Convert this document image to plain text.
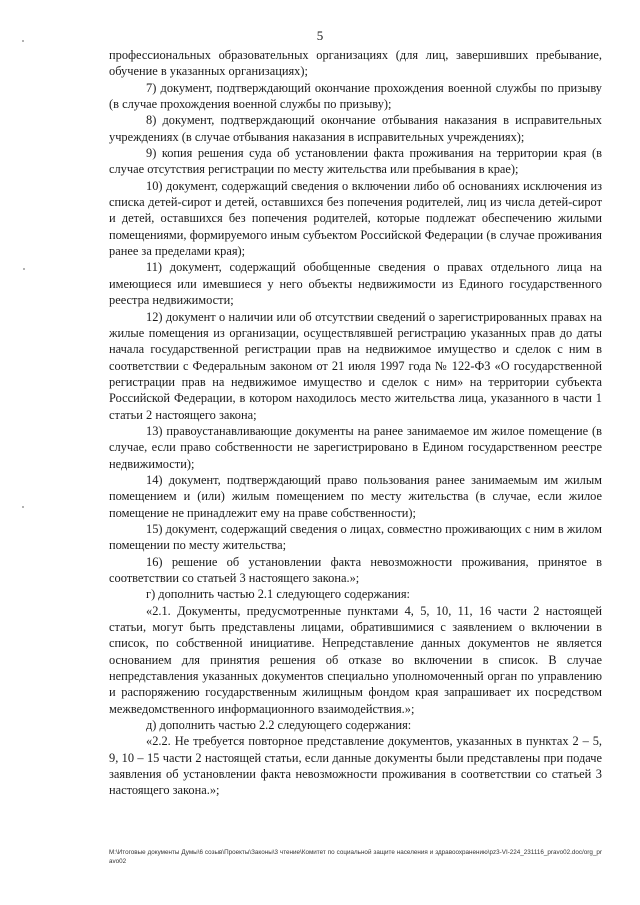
5

профессиональных образовательных организациях (для лиц, завершивших пребывание, обучение в указанных организациях);

7) документ, подтверждающий окончание прохождения военной службы по призыву (в случае прохождения военной службы по призыву);

8) документ, подтверждающий окончание отбывания наказания в исправительных учреждениях (в случае отбывания наказания в исправительных учреждениях);

9) копия решения суда об установлении факта проживания на территории края (в случае отсутствия регистрации по месту жительства или пребывания в крае);

10) документ, содержащий сведения о включении либо об основаниях исключения из списка детей-сирот и детей, оставшихся без попечения родителей, лиц из числа детей-сирот и детей, оставшихся без попечения родителей, которые подлежат обеспечению жилыми помещениями, формируемого иным субъектом Российской Федерации (в случае проживания ранее за пределами края);

11) документ, содержащий обобщенные сведения о правах отдельного лица на имеющиеся или имевшиеся у него объекты недвижимости из Единого государственного реестра недвижимости;

12) документ о наличии или об отсутствии сведений о зарегистрированных правах на жилые помещения из организации, осуществлявшей регистрацию указанных прав до даты начала государственной регистрации прав на недвижимое имущество и сделок с ним в соответствии с Федеральным законом от 21 июля 1997 года № 122-ФЗ «О государственной регистрации прав на недвижимое имущество и сделок с ним» на территории субъекта Российской Федерации, в котором находилось место жительства лица, указанного в части 1 статьи 2 настоящего закона;

13) правоустанавливающие документы на ранее занимаемое им жилое помещение (в случае, если право собственности не зарегистрировано в Едином государственном реестре недвижимости);

14) документ, подтверждающий право пользования ранее занимаемым им жилым помещением и (или) жилым помещением по месту жительства (в случае, если жилое помещение не принадлежит ему на праве собственности);

15) документ, содержащий сведения о лицах, совместно проживающих с ним в жилом помещении по месту жительства;

16) решение об установлении факта невозможности проживания, принятое в соответствии со статьей 3 настоящего закона.»;

г) дополнить частью 2.1 следующего содержания:

«2.1. Документы, предусмотренные пунктами 4, 5, 10, 11, 16 части 2 настоящей статьи, могут быть представлены лицами, обратившимися с заявлением о включении в список, по собственной инициативе. Непредставление данных документов не является основанием для принятия решения об отказе во включении в список. В случае непредставления указанных документов специально уполномоченный орган по управлению и распоряжению государственным жилищным фондом края запрашивает их посредством межведомственного информационного взаимодействия.»;

д) дополнить частью 2.2 следующего содержания:

«2.2. Не требуется повторное представление документов, указанных в пунктах 2 – 5, 9, 10 – 15 части 2 настоящей статьи, если данные документы были представлены при подаче заявления об установлении факта невозможности проживания в соответствии со статьей 3 настоящего закона.»;

M:\Итоговые документы Думы\6 созыв\Проекты\Законы\3 чтение\Комитет по социальной защите населения и здравоохранению\pz3-VI-224_231116_pravo02.doc/org_pravo02
